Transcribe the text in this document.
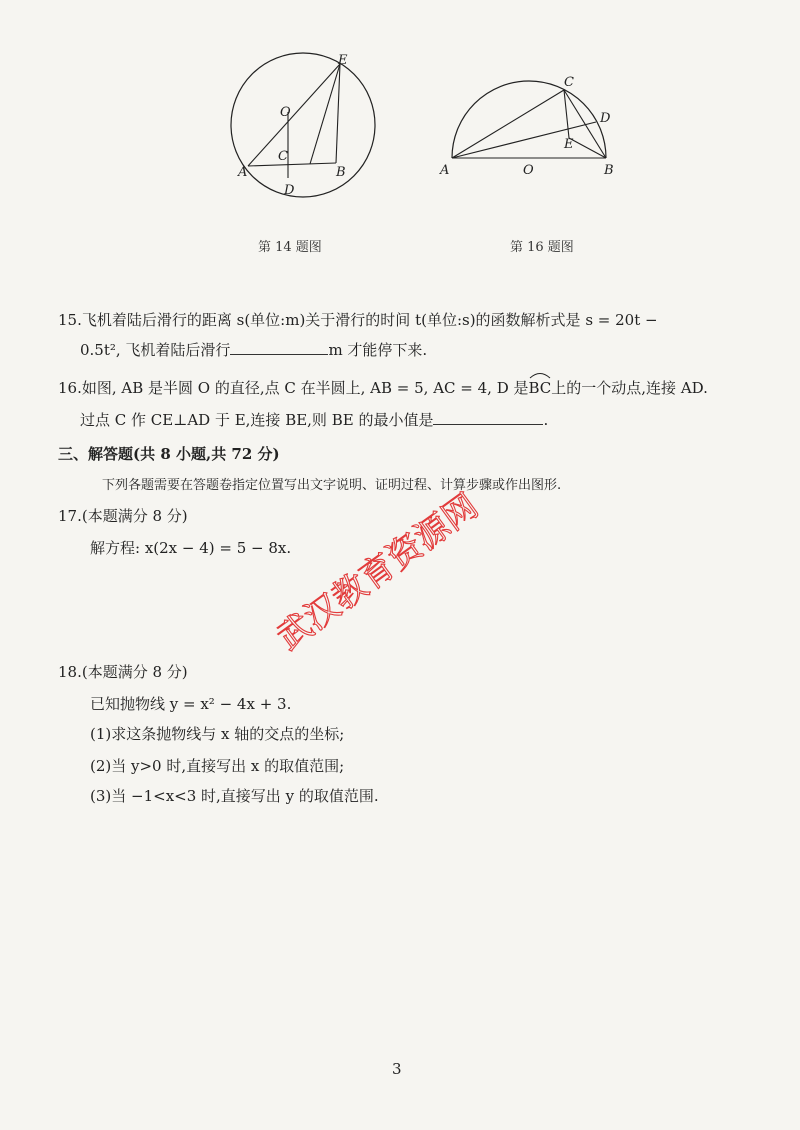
O
E
C
A
D
B
第 14 题图
C
D
E
A	O	B
第 16 题图
15.飞机着陆后滑行的距离 s(单位:m)关于滑行的时间 t(单位:s)的函数解析式是 s = 20t −
0.5t², 飞机着陆后滑行	m 才能停下来.
16.如图, AB 是半圆 O 的直径,点 C 在半圆上, AB = 5, AC = 4, D 是
BC上的一个动点,连接 AD.
过点 C 作 CE⊥AD 于 E,连接 BE,则 BE 的最小值是	.
三、解答题(共 8 小题,共 72 分)
下列各题需要在答题卷指定位置写出文字说明、证明过程、计算步骤或作出图形.
17.(本题满分 8 分)
解方程: x(2x − 4) = 5 − 8x.
18.(本题满分 8 分)
已知抛物线 y = x² − 4x + 3.
(1)求这条抛物线与 x 轴的交点的坐标;
(2)当 y>0 时,直接写出 x 的取值范围;
(3)当 −1<x<3 时,直接写出 y 的取值范围.
武汉教育资源网
3
